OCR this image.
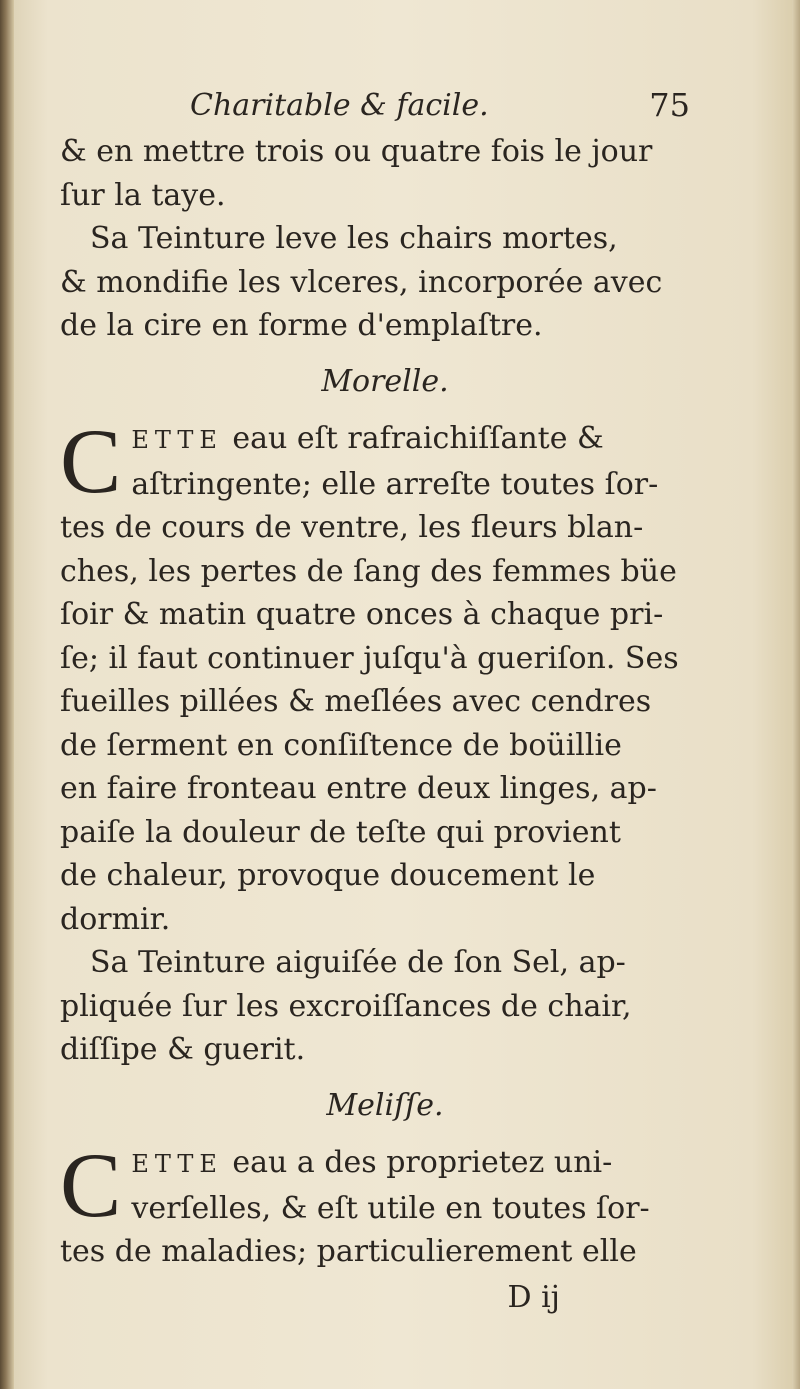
Charitable & facile.	75
& en mettre trois ou quatre fois le jour
ſur la taye.
Sa Teinture leve les chairs mortes,
& mondifie les vlceres, incorporée avec
de la cire en forme d'emplaſtre.
Morelle.
C ETTE eau eſt rafraichiſſante &
aſtringente; elle arreſte toutes ſor-
tes de cours de ventre, les fleurs blan-
ches, les pertes de ſang des femmes büe
ſoir & matin quatre onces à chaque pri-
ſe; il faut continuer juſqu'à gueriſon. Ses
fueilles pillées & meſlées avec cendres
de ſerment en conſiſtence de boüillie
en faire fronteau entre deux linges, ap-
paiſe la douleur de teſte qui provient
de chaleur, provoque doucement le
dormir.
Sa Teinture aiguiſée de ſon Sel, ap-
pliquée ſur les excroiſſances de chair,
diſſipe & guerit.
Meliſſe.
C ETTE eau a des proprietez uni-
verſelles, & eſt utile en toutes ſor-
tes de maladies; particulierement elle
D ij
